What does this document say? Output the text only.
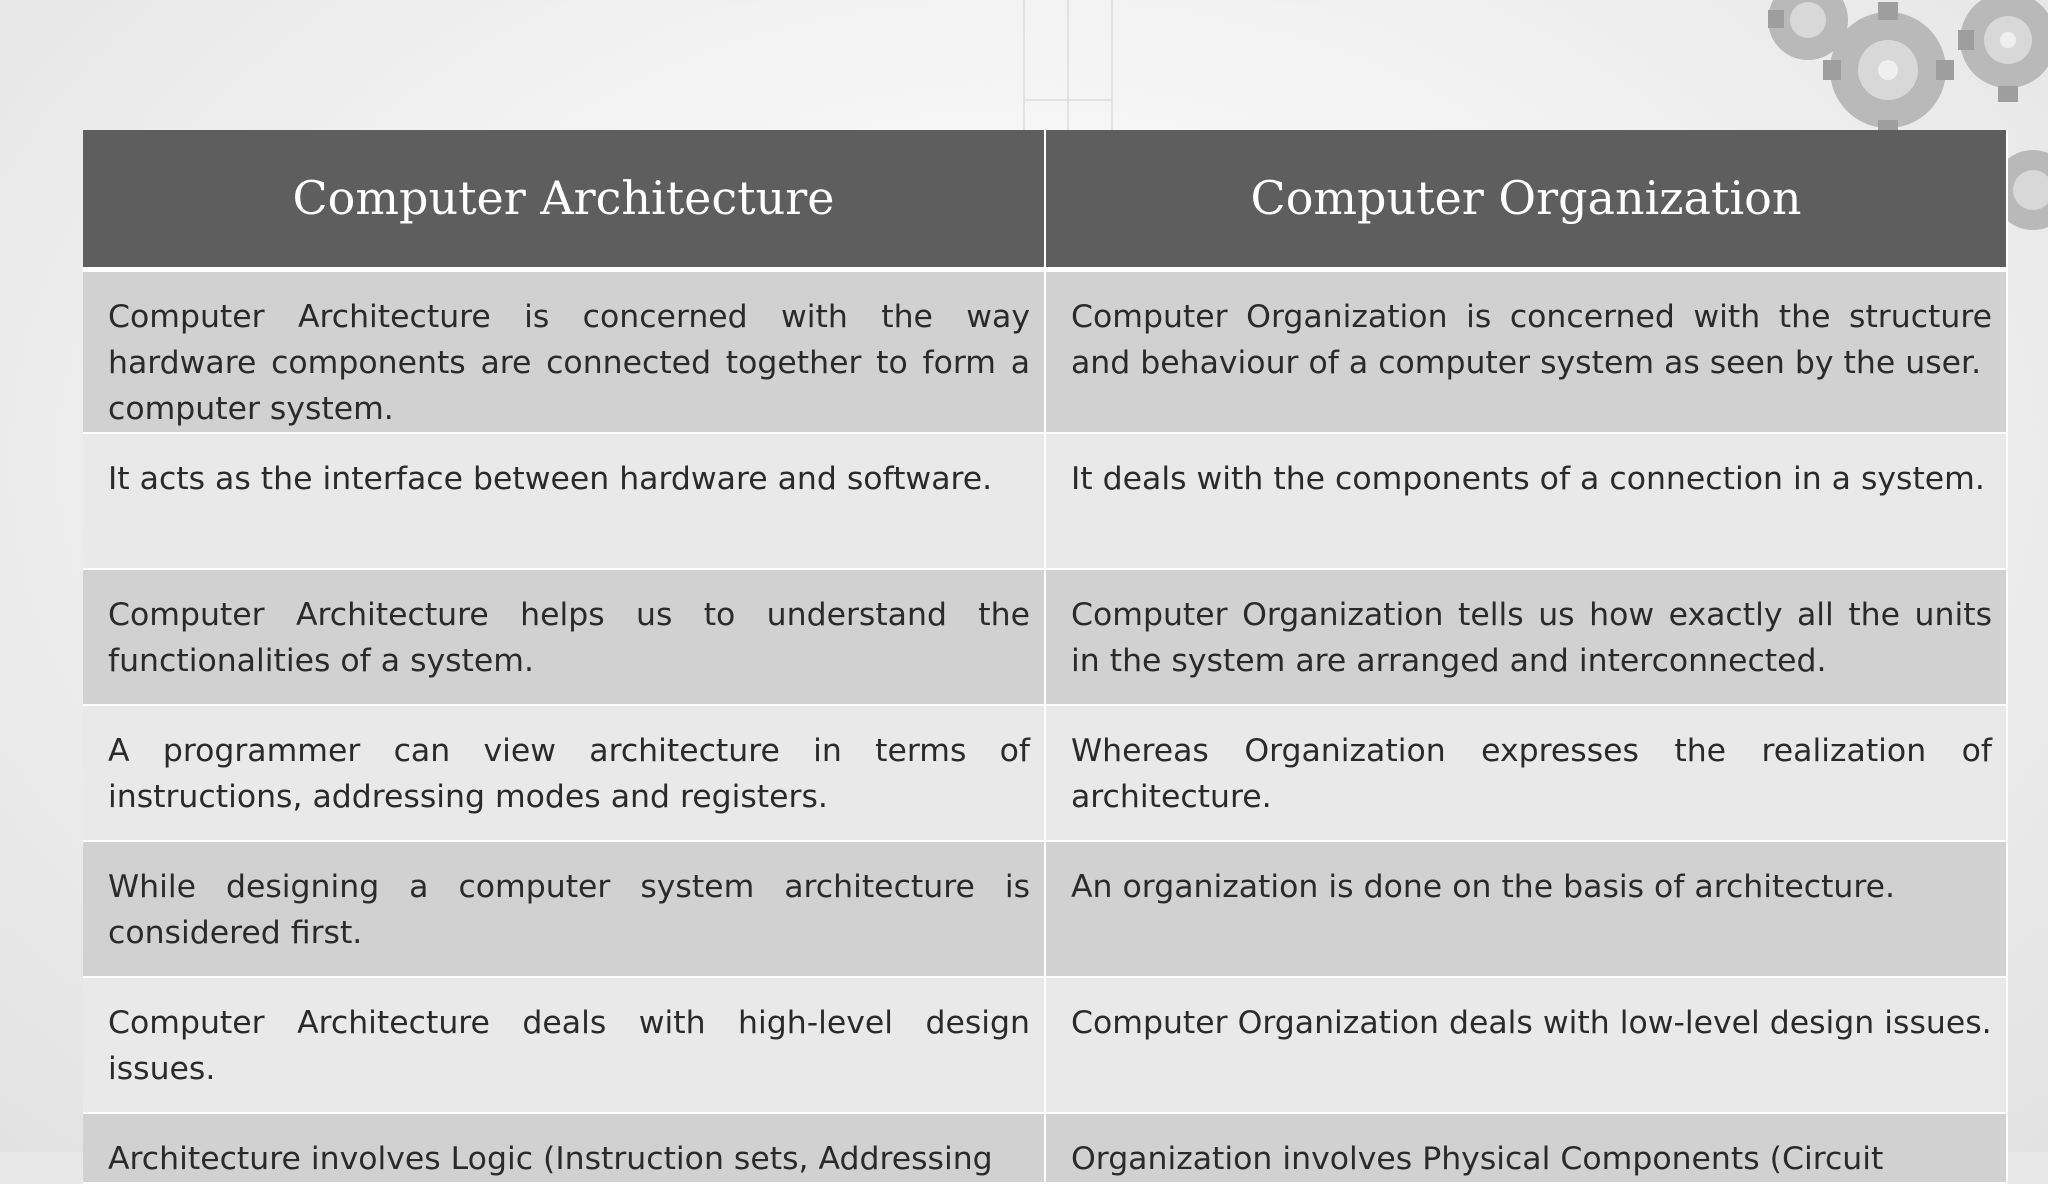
Computer Architecture	Computer Organization
Computer Architecture is concerned with the way hardware components are connected together to form a computer system.	Computer Organization is concerned with the structure and behaviour of a computer system as seen by the user.
It acts as the interface between hardware and software.	It deals with the components of a connection in a system.
Computer Architecture helps us to understand the functionalities of a system.	Computer Organization tells us how exactly all the units in the system are arranged and interconnected.
A programmer can view architecture in terms of instructions, addressing modes and registers.	Whereas Organization expresses the realization of architecture.
While designing a computer system architecture is considered first.	An organization is done on the basis of architecture.
Computer Architecture deals with high-level design issues.	Computer Organization deals with low-level design issues.
Architecture involves Logic (Instruction sets, Addressing	Organization involves Physical Components (Circuit
